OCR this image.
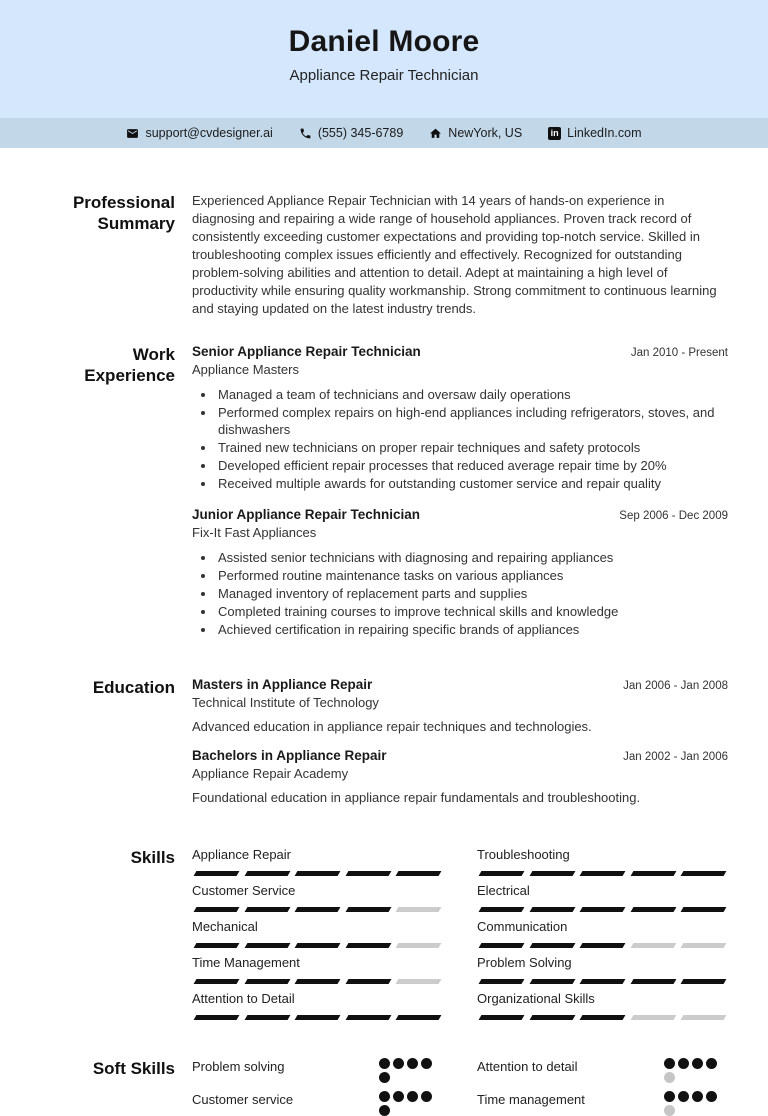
Daniel Moore
Appliance Repair Technician
support@cvdesigner.ai	(555) 345-6789	NewYork, US	in LinkedIn.com
Professional Summary

Experienced Appliance Repair Technician with 14 years of hands-on experience in diagnosing and repairing a wide range of household appliances. Proven track record of consistently exceeding customer expectations and providing top-notch service. Skilled in troubleshooting complex issues efficiently and effectively. Recognized for outstanding problem-solving abilities and attention to detail. Adept at maintaining a high level of productivity while ensuring quality workmanship. Strong commitment to continuous learning and staying updated on the latest industry trends.

Work Experience
Senior Appliance Repair Technician	Jan 2010 - Present
Appliance Masters
• Managed a team of technicians and oversaw daily operations
• Performed complex repairs on high-end appliances including refrigerators, stoves, and dishwashers
• Trained new technicians on proper repair techniques and safety protocols
• Developed efficient repair processes that reduced average repair time by 20%
• Received multiple awards for outstanding customer service and repair quality
Junior Appliance Repair Technician	Sep 2006 - Dec 2009
Fix-It Fast Appliances
• Assisted senior technicians with diagnosing and repairing appliances
• Performed routine maintenance tasks on various appliances
• Managed inventory of replacement parts and supplies
• Completed training courses to improve technical skills and knowledge
• Achieved certification in repairing specific brands of appliances
Education Masters in Appliance Repair	Jan 2006 - Jan 2008
Technical Institute of Technology

Advanced education in appliance repair techniques and technologies.

Bachelors in Appliance Repair	Jan 2002 - Jan 2006
Appliance Repair Academy

Foundational education in appliance repair fundamentals and troubleshooting.

Skills Appliance Repair	Troubleshooting
Customer Service	Electrical
Mechanical	Communication
Time Management	Problem Solving
Attention to Detail	Organizational Skills
Soft Skills Problem solving	Attention to detail
Customer service	Time management
